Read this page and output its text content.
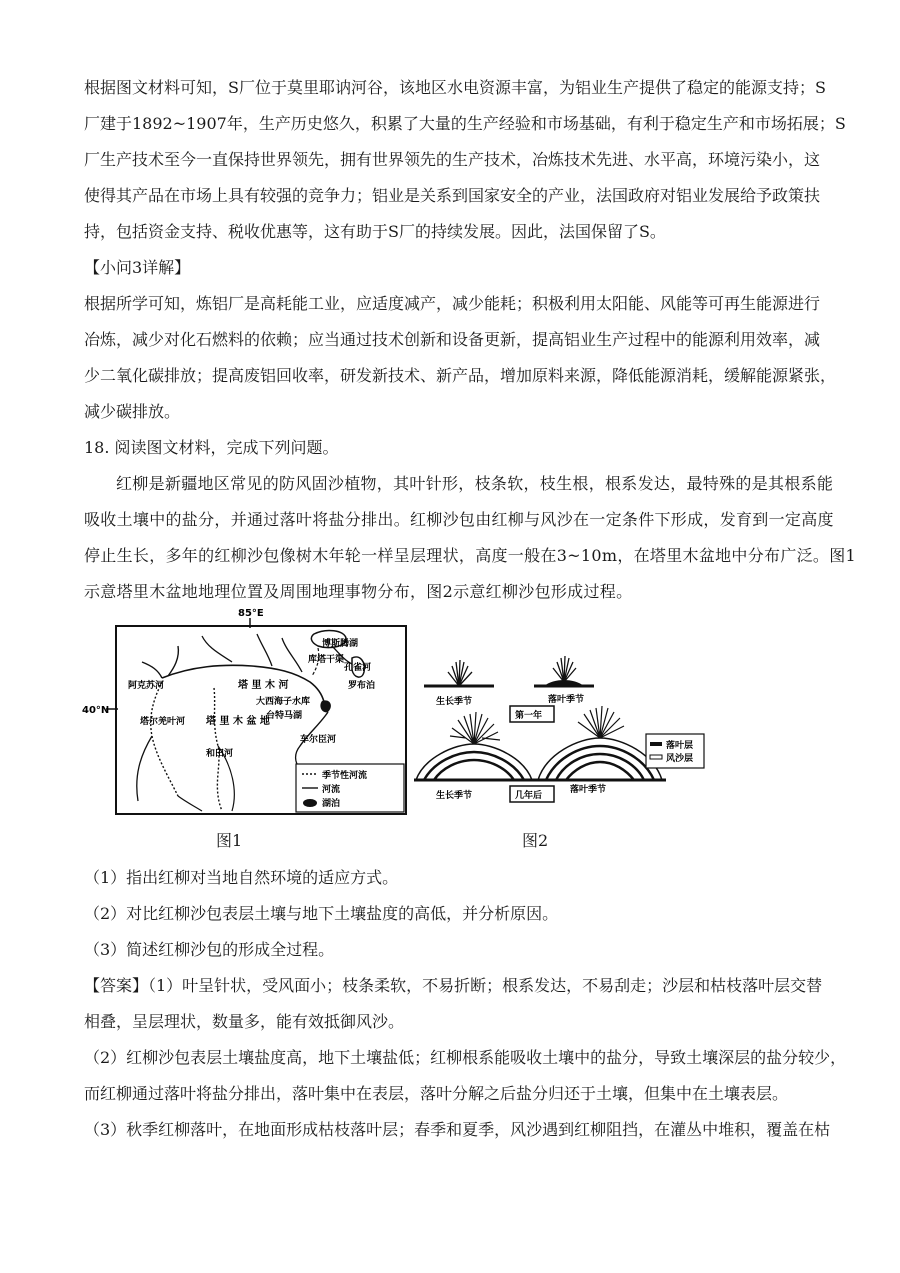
根据图文材料可知，S厂位于莫里耶讷河谷，该地区水电资源丰富，为铝业生产提供了稳定的能源支持；S
厂建于1892~1907年，生产历史悠久，积累了大量的生产经验和市场基础，有利于稳定生产和市场拓展；S
厂生产技术至今一直保持世界领先，拥有世界领先的生产技术，冶炼技术先进、水平高，环境污染小，这
使得其产品在市场上具有较强的竞争力；铝业是关系到国家安全的产业，法国政府对铝业发展给予政策扶
持，包括资金支持、税收优惠等，这有助于S厂的持续发展。因此，法国保留了S。
【小问3详解】
根据所学可知，炼铝厂是高耗能工业，应适度减产，减少能耗；积极利用太阳能、风能等可再生能源进行
冶炼，减少对化石燃料的依赖；应当通过技术创新和设备更新，提高铝业生产过程中的能源利用效率，减
少二氧化碳排放；提高废铝回收率，研发新技术、新产品，增加原料来源，降低能源消耗，缓解能源紧张，
减少碳排放。
18. 阅读图文材料，完成下列问题。
红柳是新疆地区常见的防风固沙植物，其叶针形，枝条软，枝生根，根系发达，最特殊的是其根系能
吸收土壤中的盐分，并通过落叶将盐分排出。红柳沙包由红柳与风沙在一定条件下形成，发育到一定高度
停止生长，多年的红柳沙包像树木年轮一样呈层理状，高度一般在3~10m，在塔里木盆地中分布广泛。图1
示意塔里木盆地地理位置及周围地理事物分布，图2示意红柳沙包形成过程。
85°E
40°N
博斯腾湖
库塔干渠
孔雀河
罗布泊
阿克苏河	塔 里 木 河
大西海子水库
台特马湖
塔尔羌叶河 塔 里 木 盆 地
和田河
车尔臣河
季节性河流
河流
湖泊
图1
生长季节	落叶季节
第一年
生长季节
落叶季节
几年后
落叶层
风沙层
图2
（1）指出红柳对当地自然环境的适应方式。
（2）对比红柳沙包表层土壤与地下土壤盐度的高低，并分析原因。
（3）简述红柳沙包的形成全过程。
【答案】（1）叶呈针状，受风面小；枝条柔软，不易折断；根系发达，不易刮走；沙层和枯枝落叶层交替
相叠，呈层理状，数量多，能有效抵御风沙。
（2）红柳沙包表层土壤盐度高，地下土壤盐低；红柳根系能吸收土壤中的盐分，导致土壤深层的盐分较少，
而红柳通过落叶将盐分排出，落叶集中在表层，落叶分解之后盐分归还于土壤，但集中在土壤表层。
（3）秋季红柳落叶，在地面形成枯枝落叶层；春季和夏季，风沙遇到红柳阻挡，在灌丛中堆积，覆盖在枯
